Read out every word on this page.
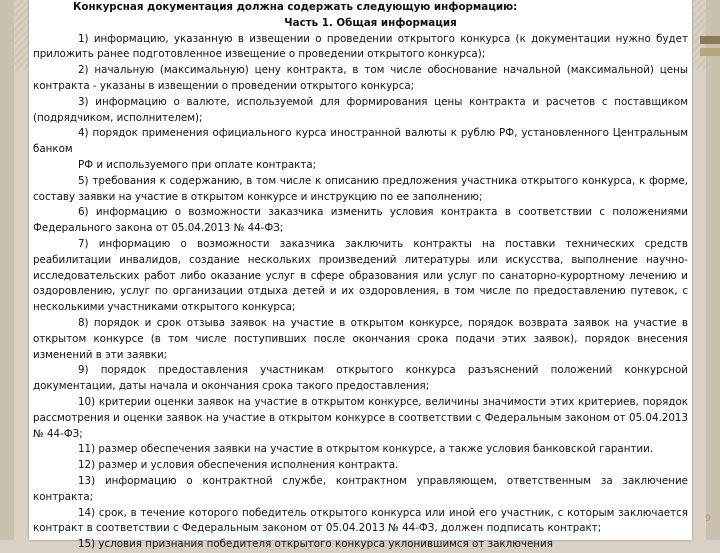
Конкурсная документация должна содержать следующую информацию:

Часть 1. Общая информация

1) информацию, указанную в извещении о проведении открытого конкурса (к документации нужно будет приложить ранее подготовленное извещение о проведении открытого конкурса);

2) начальную (максимальную) цену контракта, в том числе обоснование начальной (максимальной) цены контракта - указаны в извещении о проведении открытого конкурса;

3) информацию о валюте, используемой для формирования цены контракта и расчетов с поставщиком (подрядчиком, исполнителем);

4) порядок применения официального курса иностранной валюты к рублю РФ, установленного Центральным банком

РФ и используемого при оплате контракта;

5) требования к содержанию, в том числе к описанию предложения участника открытого конкурса, к форме, составу заявки на участие в открытом конкурсе и инструкцию по ее заполнению;

6) информацию о возможности заказчика изменить условия контракта в соответствии с положениями Федерального закона от 05.04.2013 № 44-ФЗ;

7) информацию о возможности заказчика заключить контракты на поставки технических средств реабилитации инвалидов, создание нескольких произведений литературы или искусства, выполнение научно-исследовательских работ либо оказание услуг в сфере образования или услуг по санаторно-курортному лечению и оздоровлению, услуг по организации отдыха детей и их оздоровления, в том числе по предоставлению путевок, с несколькими участниками открытого конкурса;

8) порядок и срок отзыва заявок на участие в открытом конкурсе, порядок возврата заявок на участие в открытом конкурсе (в том числе поступивших после окончания срока подачи этих заявок), порядок внесения изменений в эти заявки;

9) порядок предоставления участникам открытого конкурса разъяснений положений конкурсной документации, даты начала и окончания срока такого предоставления;

10) критерии оценки заявок на участие в открытом конкурсе, величины значимости этих критериев, порядок рассмотрения и оценки заявок на участие в открытом конкурсе в соответствии с Федеральным законом от 05.04.2013 № 44-ФЗ;

11) размер обеспечения заявки на участие в открытом конкурсе, а также условия банковской гарантии.

12) размер и условия обеспечения исполнения контракта.

13) информацию о контрактной службе, контрактном управляющем, ответственным за заключение контракта;

14) срок, в течение которого победитель открытого конкурса или иной его участник, с которым заключается контракт в соответствии с Федеральным законом от 05.04.2013 № 44-ФЗ, должен подписать контракт;

15) условия признания победителя открытого конкурса уклонившимся от заключения

9
